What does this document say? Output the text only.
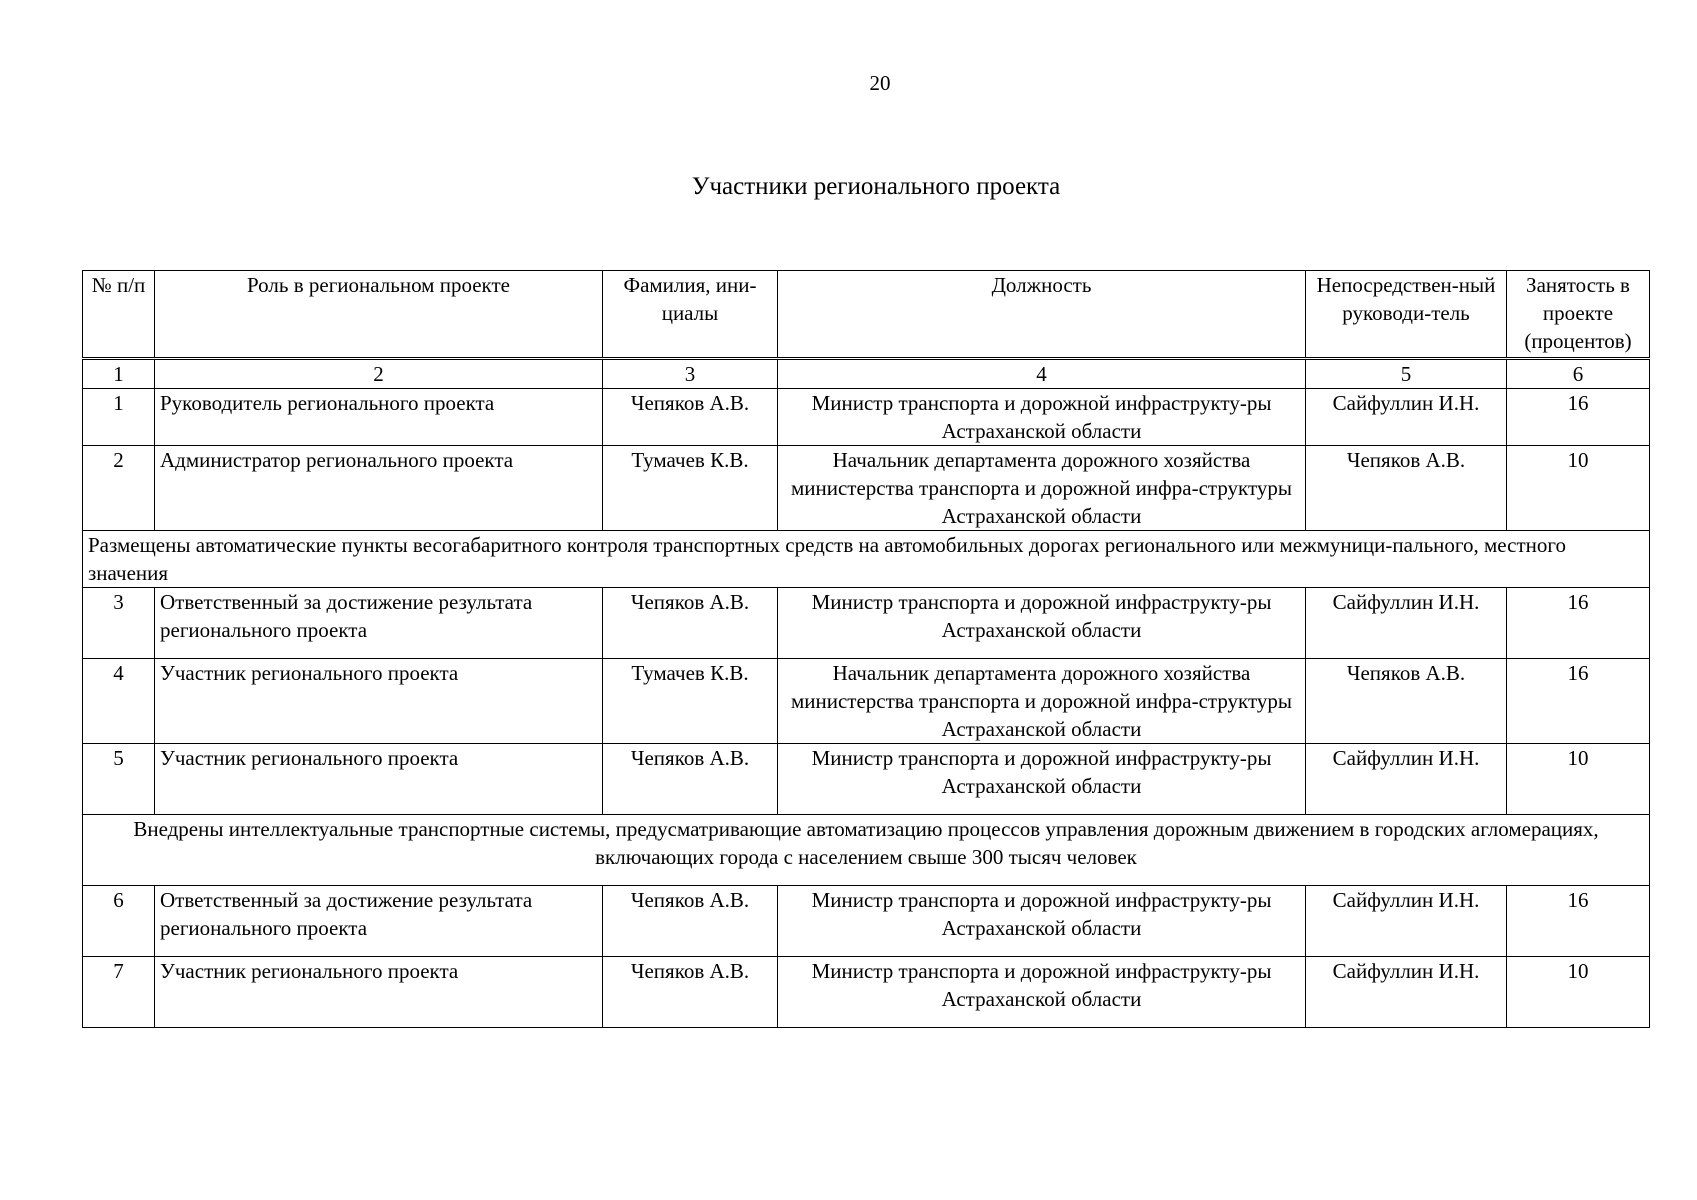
20
Участники регионального проекта
№ п/п	Роль в региональном проекте	Фамилия, ини-циалы	Должность	Непосредствен-ный руководи-тель	Занятость в проекте (процентов)
1	2	3	4	5	6
1	Руководитель регионального проекта	Чепяков А.В.	Министр транспорта и дорожной инфраструкту-ры Астраханской области	Сайфуллин И.Н.	16
2	Администратор регионального проекта	Тумачев К.В.	Начальник департамента дорожного хозяйства министерства транспорта и дорожной инфра-структуры Астраханской области	Чепяков А.В.	10
Размещены автоматические пункты весогабаритного контроля транспортных средств на автомобильных дорогах регионального или межмуници-пального, местного значения					
3	Ответственный за достижение результата регионального проекта	Чепяков А.В.	Министр транспорта и дорожной инфраструкту-ры Астраханской области	Сайфуллин И.Н.	16
4	Участник регионального проекта	Тумачев К.В.	Начальник департамента дорожного хозяйства министерства транспорта и дорожной инфра-структуры Астраханской области	Чепяков А.В.	16
5	Участник регионального проекта	Чепяков А.В.	Министр транспорта и дорожной инфраструкту-ры Астраханской области	Сайфуллин И.Н.	10
Внедрены интеллектуальные транспортные системы, предусматривающие автоматизацию процессов управления дорожным движением в городских агломерациях, включающих города с населением свыше 300 тысяч человек					
6	Ответственный за достижение результата регионального проекта	Чепяков А.В.	Министр транспорта и дорожной инфраструкту-ры Астраханской области	Сайфуллин И.Н.	16
7	Участник регионального проекта	Чепяков А.В.	Министр транспорта и дорожной инфраструкту-ры Астраханской области	Сайфуллин И.Н.	10
